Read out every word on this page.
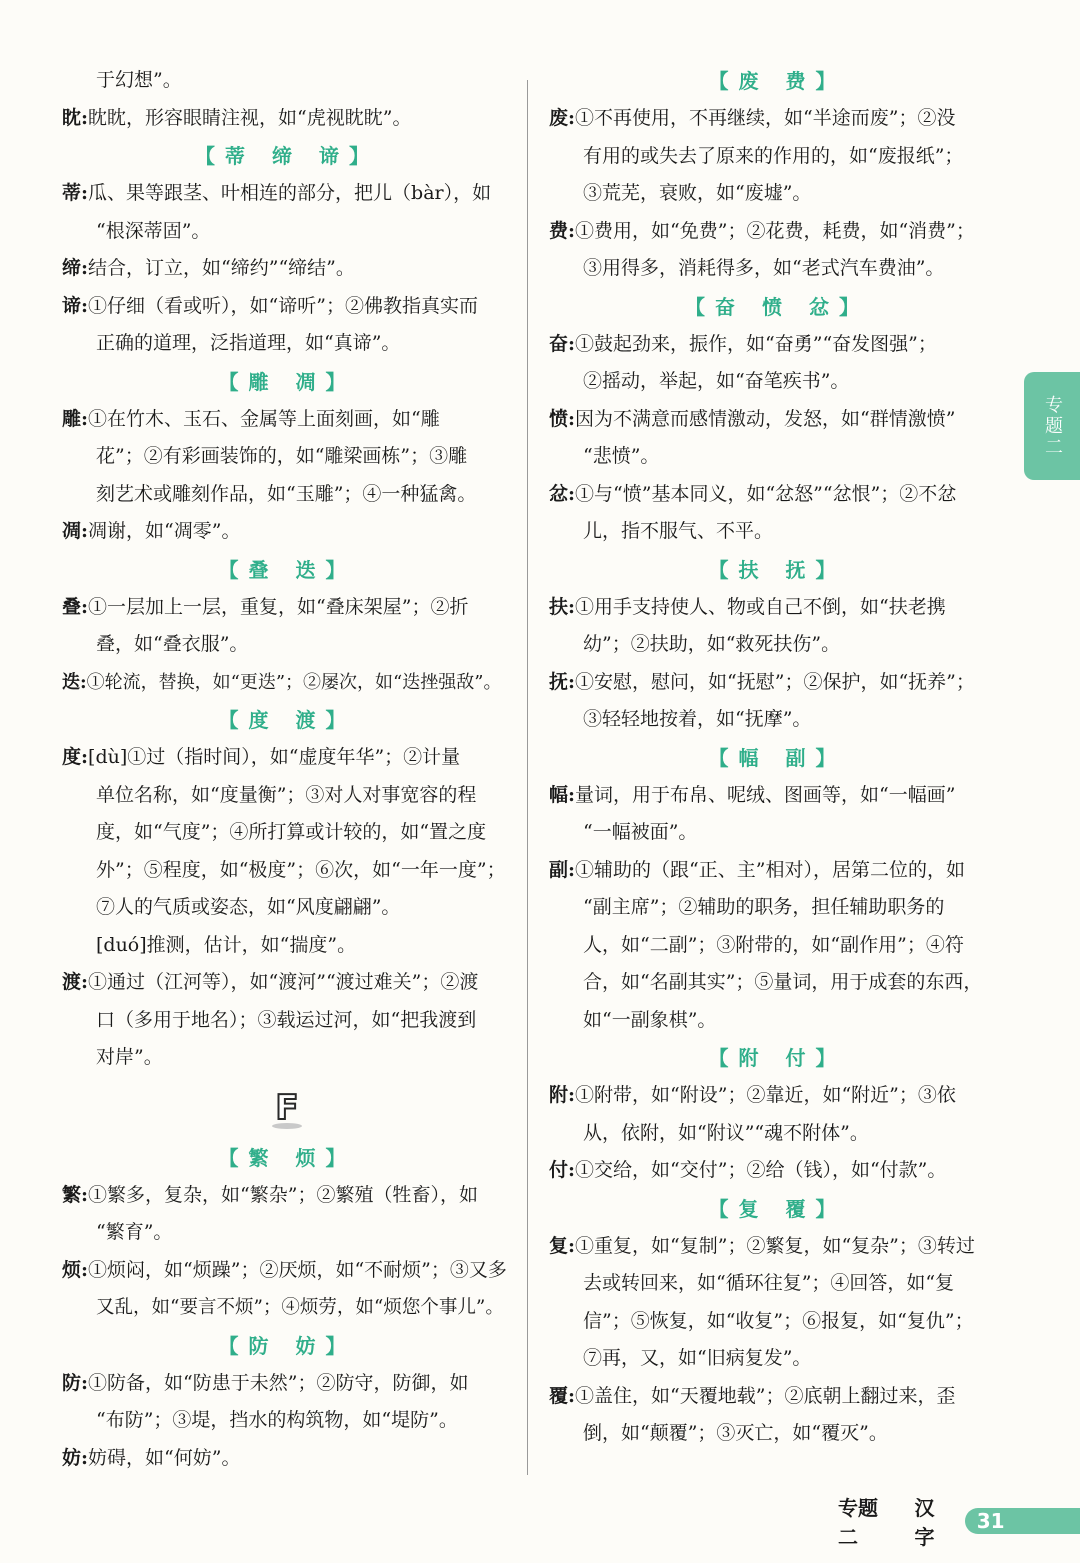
于幻想”。
眈:眈眈，形容眼睛注视，如“虎视眈眈”。
【蒂 缔 谛】
蒂:瓜、果等跟茎、叶相连的部分，把儿（bàr），如
“根深蒂固”。
缔:结合，订立，如“缔约”“缔结”。
谛:①仔细（看或听），如“谛听”；②佛教指真实而
正确的道理，泛指道理，如“真谛”。
【雕 凋】
雕:①在竹木、玉石、金属等上面刻画，如“雕
花”；②有彩画装饰的，如“雕梁画栋”；③雕
刻艺术或雕刻作品，如“玉雕”；④一种猛禽。
凋:凋谢，如“凋零”。
【叠 迭】
叠:①一层加上一层，重复，如“叠床架屋”；②折
叠，如“叠衣服”。
迭:①轮流，替换，如“更迭”；②屡次，如“迭挫强敌”。
【度 渡】
度:[dù]①过（指时间），如“虚度年华”；②计量
单位名称，如“度量衡”；③对人对事宽容的程
度，如“气度”；④所打算或计较的，如“置之度
外”；⑤程度，如“极度”；⑥次，如“一年一度”；
⑦人的气质或姿态，如“风度翩翩”。
[duó]推测，估计，如“揣度”。
渡:①通过（江河等），如“渡河”“渡过难关”；②渡
口（多用于地名）；③载运过河，如“把我渡到
对岸”。
F
【繁 烦】
繁:①繁多，复杂，如“繁杂”；②繁殖（牲畜），如
“繁育”。
烦:①烦闷，如“烦躁”；②厌烦，如“不耐烦”；③又多
又乱，如“要言不烦”；④烦劳，如“烦您个事儿”。
【防 妨】
防:①防备，如“防患于未然”；②防守，防御，如
“布防”；③堤，挡水的构筑物，如“堤防”。
妨:妨碍，如“何妨”。
【废 费】
废:①不再使用，不再继续，如“半途而废”；②没
有用的或失去了原来的作用的，如“废报纸”；
③荒芜，衰败，如“废墟”。
费:①费用，如“免费”；②花费，耗费，如“消费”；
③用得多，消耗得多，如“老式汽车费油”。
【奋 愤 忿】
奋:①鼓起劲来，振作，如“奋勇”“奋发图强”；
②摇动，举起，如“奋笔疾书”。
愤:因为不满意而感情激动，发怒，如“群情激愤”
“悲愤”。
忿:①与“愤”基本同义，如“忿怒”“忿恨”；②不忿
儿，指不服气、不平。
【扶 抚】
扶:①用手支持使人、物或自己不倒，如“扶老携
幼”；②扶助，如“救死扶伤”。
抚:①安慰，慰问，如“抚慰”；②保护，如“抚养”；
③轻轻地按着，如“抚摩”。
【幅 副】
幅:量词，用于布帛、呢绒、图画等，如“一幅画”
“一幅被面”。
副:①辅助的（跟“正、主”相对），居第二位的，如
“副主席”；②辅助的职务，担任辅助职务的
人，如“二副”；③附带的，如“副作用”；④符
合，如“名副其实”；⑤量词，用于成套的东西，
如“一副象棋”。
【附 付】
附:①附带，如“附设”；②靠近，如“附近”；③依
从，依附，如“附议”“魂不附体”。
付:①交给，如“交付”；②给（钱），如“付款”。
【复 覆】
复:①重复，如“复制”；②繁复，如“复杂”；③转过
去或转回来，如“循环往复”；④回答，如“复
信”；⑤恢复，如“收复”；⑥报复，如“复仇”；
⑦再，又，如“旧病复发”。
覆:①盖住，如“天覆地载”；②底朝上翻过来，歪
倒，如“颠覆”；③灭亡，如“覆灭”。
专题二
专题二
汉字
31
